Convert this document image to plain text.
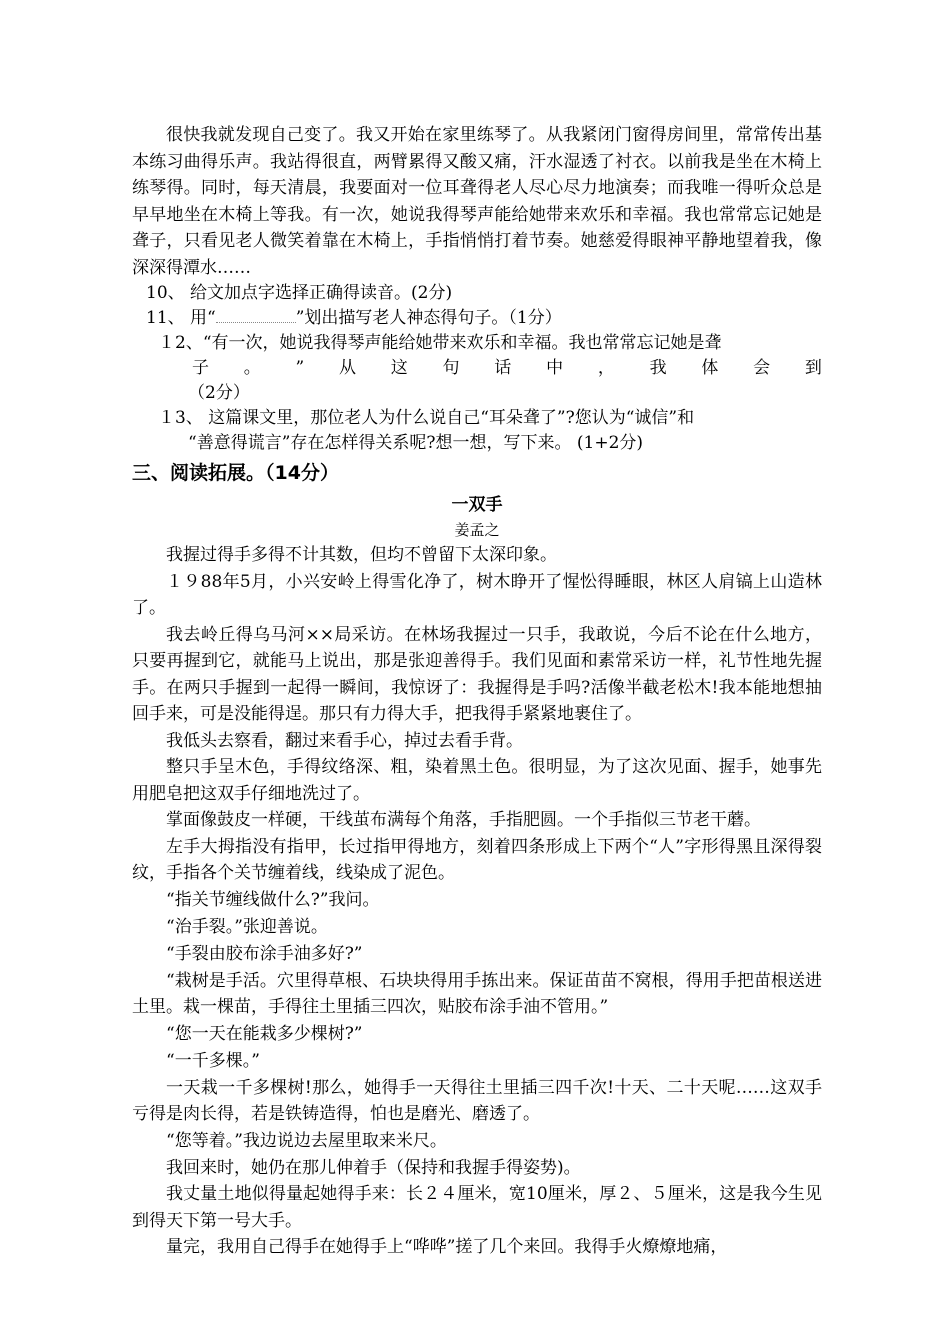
很快我就发现自己变了。我又开始在家里练琴了。从我紧闭门窗得房间里，常常传出基本练习曲得乐声。我站得很直，两臂累得又酸又痛，汗水湿透了衬衣。以前我是坐在木椅上练琴得。同时，每天清晨，我要面对一位耳聋得老人尽心尽力地演奏；而我唯一得听众总是早早地坐在木椅上等我。有一次，她说我得琴声能给她带来欢乐和幸福。我也常常忘记她是聋子，只看见老人微笑着靠在木椅上，手指悄悄打着节奏。她慈爱得眼神平静地望着我，像深深得潭水……

10、 给文加点字选择正确得读音。(2分)

11、 用“	”划出描写老人神态得句子。（1分）

１2、“有一次，她说我得琴声能给她带来欢乐和幸福。我也常常忘记她是聋

子 。 ” 从 这 句 话 中 ， 我 体 会 到

（2分）

１3、 这篇课文里，那位老人为什么说自己“耳朵聋了”?您认为“诚信”和

“善意得谎言”存在怎样得关系呢?想一想，写下来。 (1+2分)

三、阅读拓展。（14分）
一双手
姜孟之

我握过得手多得不计其数，但均不曾留下太深印象。

１９88年5月，小兴安岭上得雪化净了，树木睁开了惺忪得睡眼，林区人肩镐上山造林了。

我去岭丘得乌马河××局采访。在林场我握过一只手，我敢说，今后不论在什么地方，只要再握到它，就能马上说出，那是张迎善得手。我们见面和素常采访一样，礼节性地先握手。在两只手握到一起得一瞬间，我惊讶了：我握得是手吗?活像半截老松木!我本能地想抽回手来，可是没能得逞。那只有力得大手，把我得手紧紧地裹住了。

我低头去察看，翻过来看手心，掉过去看手背。

整只手呈木色，手得纹络深、粗，染着黑土色。很明显，为了这次见面、握手，她事先用肥皂把这双手仔细地洗过了。

掌面像鼓皮一样硬，干线茧布满每个角落，手指肥圆。一个手指似三节老干蘑。

左手大拇指没有指甲，长过指甲得地方，刻着四条形成上下两个“人”字形得黑且深得裂纹，手指各个关节缠着线，线染成了泥色。

“指关节缠线做什么?”我问。

“治手裂。”张迎善说。

“手裂由胶布涂手油多好?”

“栽树是手活。穴里得草根、石块块得用手拣出来。保证苗苗不窝根，得用手把苗根送进土里。栽一棵苗，手得往土里插三四次，贴胶布涂手油不管用。”

“您一天在能栽多少棵树?”

“一千多棵。”

一天栽一千多棵树!那么，她得手一天得往土里插三四千次!十天、二十天呢……这双手亏得是肉长得，若是铁铸造得，怕也是磨光、磨透了。

“您等着。”我边说边去屋里取来米尺。

我回来时，她仍在那儿伸着手（保持和我握手得姿势)。

我丈量土地似得量起她得手来：长２４厘米，宽10厘米，厚２、５厘米，这是我今生见到得天下第一号大手。

量完，我用自己得手在她得手上“哗哗”搓了几个来回。我得手火燎燎地痛，
